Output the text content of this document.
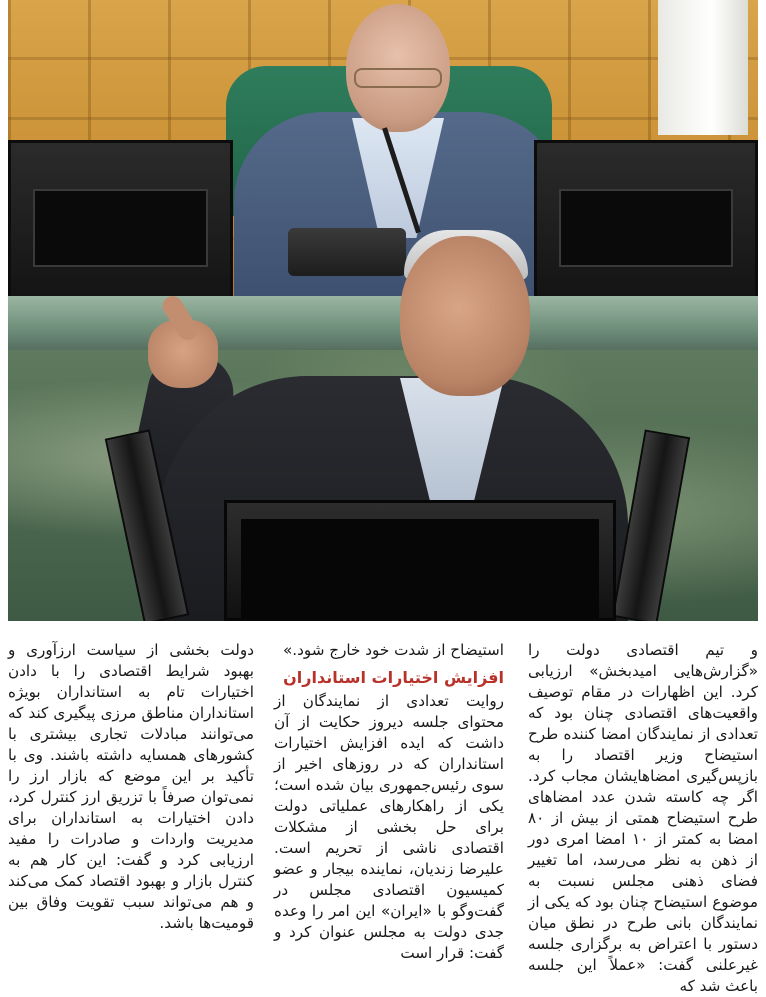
و تیم اقتصادی دولت را «گزارش‌هایی امیدبخش» ارزیابی کرد. این اظهارات در مقام توصیف واقعیت‌های اقتصادی چنان بود که تعدادی از نمایندگان امضا کننده طرح استیضاح وزیر اقتصاد را به بازپس‌گیری امضاهایشان مجاب کرد. اگر چه کاسته شدن عدد امضاهای طرح استیضاح همتی از بیش از ۸۰ امضا به کمتر از ۱۰ امضا امری دور از ذهن به نظر می‌رسد، اما تغییر فضای ذهنی مجلس نسبت به موضوع استیضاح چنان بود که یکی از نمایندگان بانی طرح در نطق میان دستور با اعتراض به برگزاری جلسه غیرعلنی گفت: «عملاً این جلسه باعث شد که

استیضاح از شدت خود خارج شود.»

افزایش اختیارات استانداران

روایت تعدادی از نمایندگان از محتوای جلسه دیروز حکایت از آن داشت که ایده افزایش اختیارات استانداران که در روزهای اخیر از سوی رئیس‌جمهوری بیان شده است؛ یکی از راهکارهای عملیاتی دولت برای حل بخشی از مشکلات اقتصادی ناشی از تحریم است. علیرضا زندیان، نماینده بیجار و عضو کمیسیون اقتصادی مجلس در گفت‌وگو با «ایران» این امر را وعده جدی دولت به مجلس عنوان کرد و گفت: قرار است

دولت بخشی از سیاست ارزآوری و بهبود شرایط اقتصادی را با دادن اختیارات تام به استانداران بویژه استانداران مناطق مرزی پیگیری کند که می‌توانند مبادلات تجاری بیشتری با کشورهای همسایه داشته باشند. وی با تأکید بر این موضع که بازار ارز را نمی‌توان صرفاً با تزریق ارز کنترل کرد، دادن اختیارات به استانداران برای مدیریت واردات و صادرات را مفید ارزیابی کرد و گفت: این کار هم به کنترل بازار و بهبود اقتصاد کمک می‌کند و هم می‌تواند سبب تقویت وفاق بین قومیت‌ها باشد.
